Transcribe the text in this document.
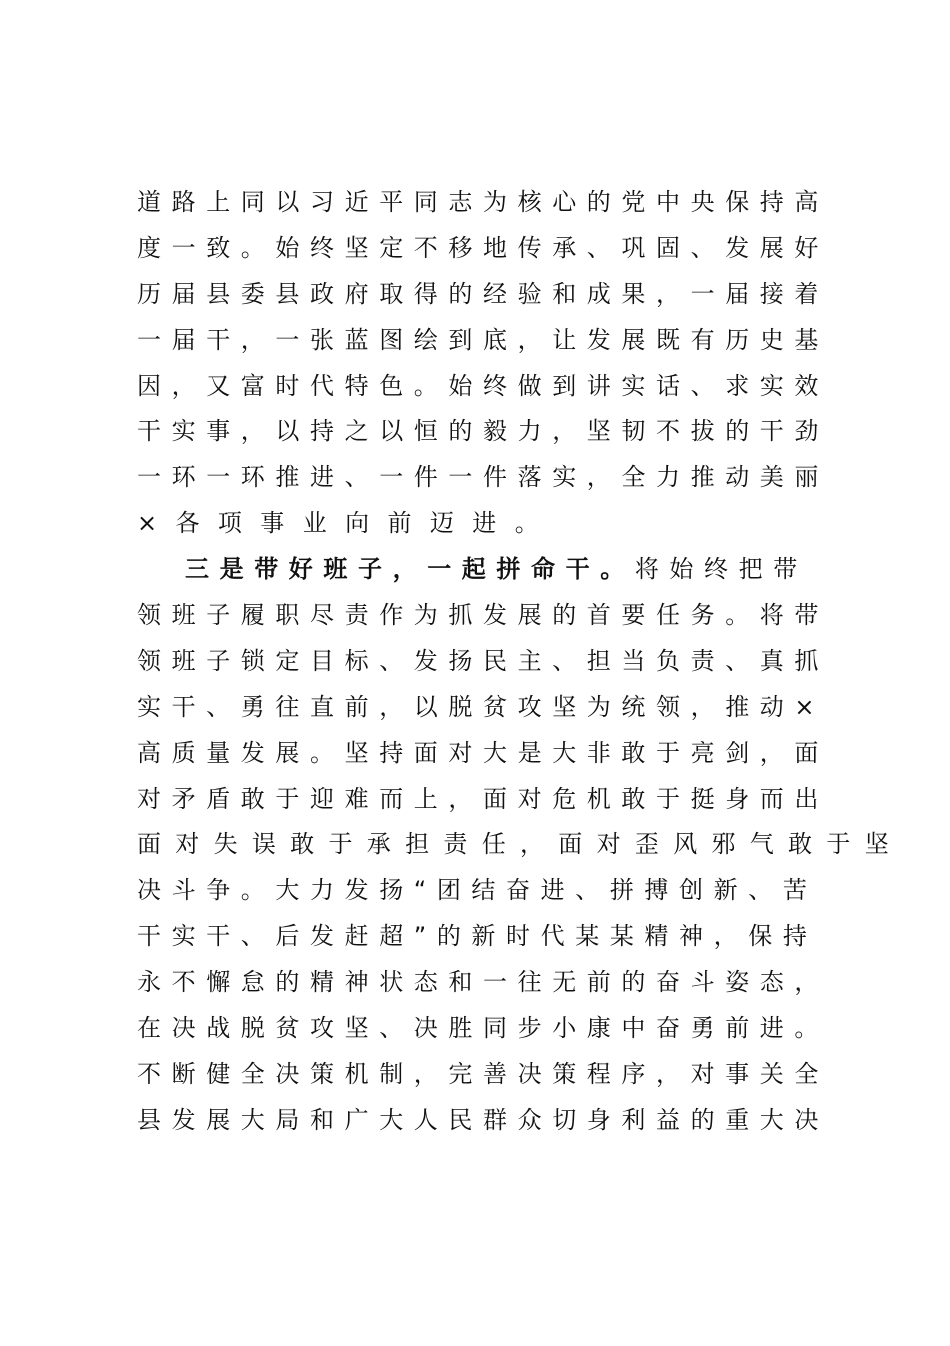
道路上同以习近平同志为核心的党中央保持高
度一致。始终坚定不移地传承、巩固、发展好
历届县委县政府取得的经验和成果，一届接着
一届干，一张蓝图绘到底，让发展既有历史基
因，又富时代特色。始终做到讲实话、求实效
干实事，以持之以恒的毅力，坚韧不拔的干劲
一环一环推进、一件一件落实，全力推动美丽
×各项事业向前迈进。
三是带好班子，一起拼命干。将始终把带
领班子履职尽责作为抓发展的首要任务。将带
领班子锁定目标、发扬民主、担当负责、真抓
实干、勇往直前，以脱贫攻坚为统领，推动×
高质量发展。坚持面对大是大非敢于亮剑，面
对矛盾敢于迎难而上，面对危机敢于挺身而出
面对失误敢于承担责任，面对歪风邪气敢于坚
决斗争。大力发扬“团结奋进、拼搏创新、苦
干实干、后发赶超”的新时代某某精神，保持
永不懈怠的精神状态和一往无前的奋斗姿态，
在决战脱贫攻坚、决胜同步小康中奋勇前进。
不断健全决策机制，完善决策程序，对事关全
县发展大局和广大人民群众切身利益的重大决
